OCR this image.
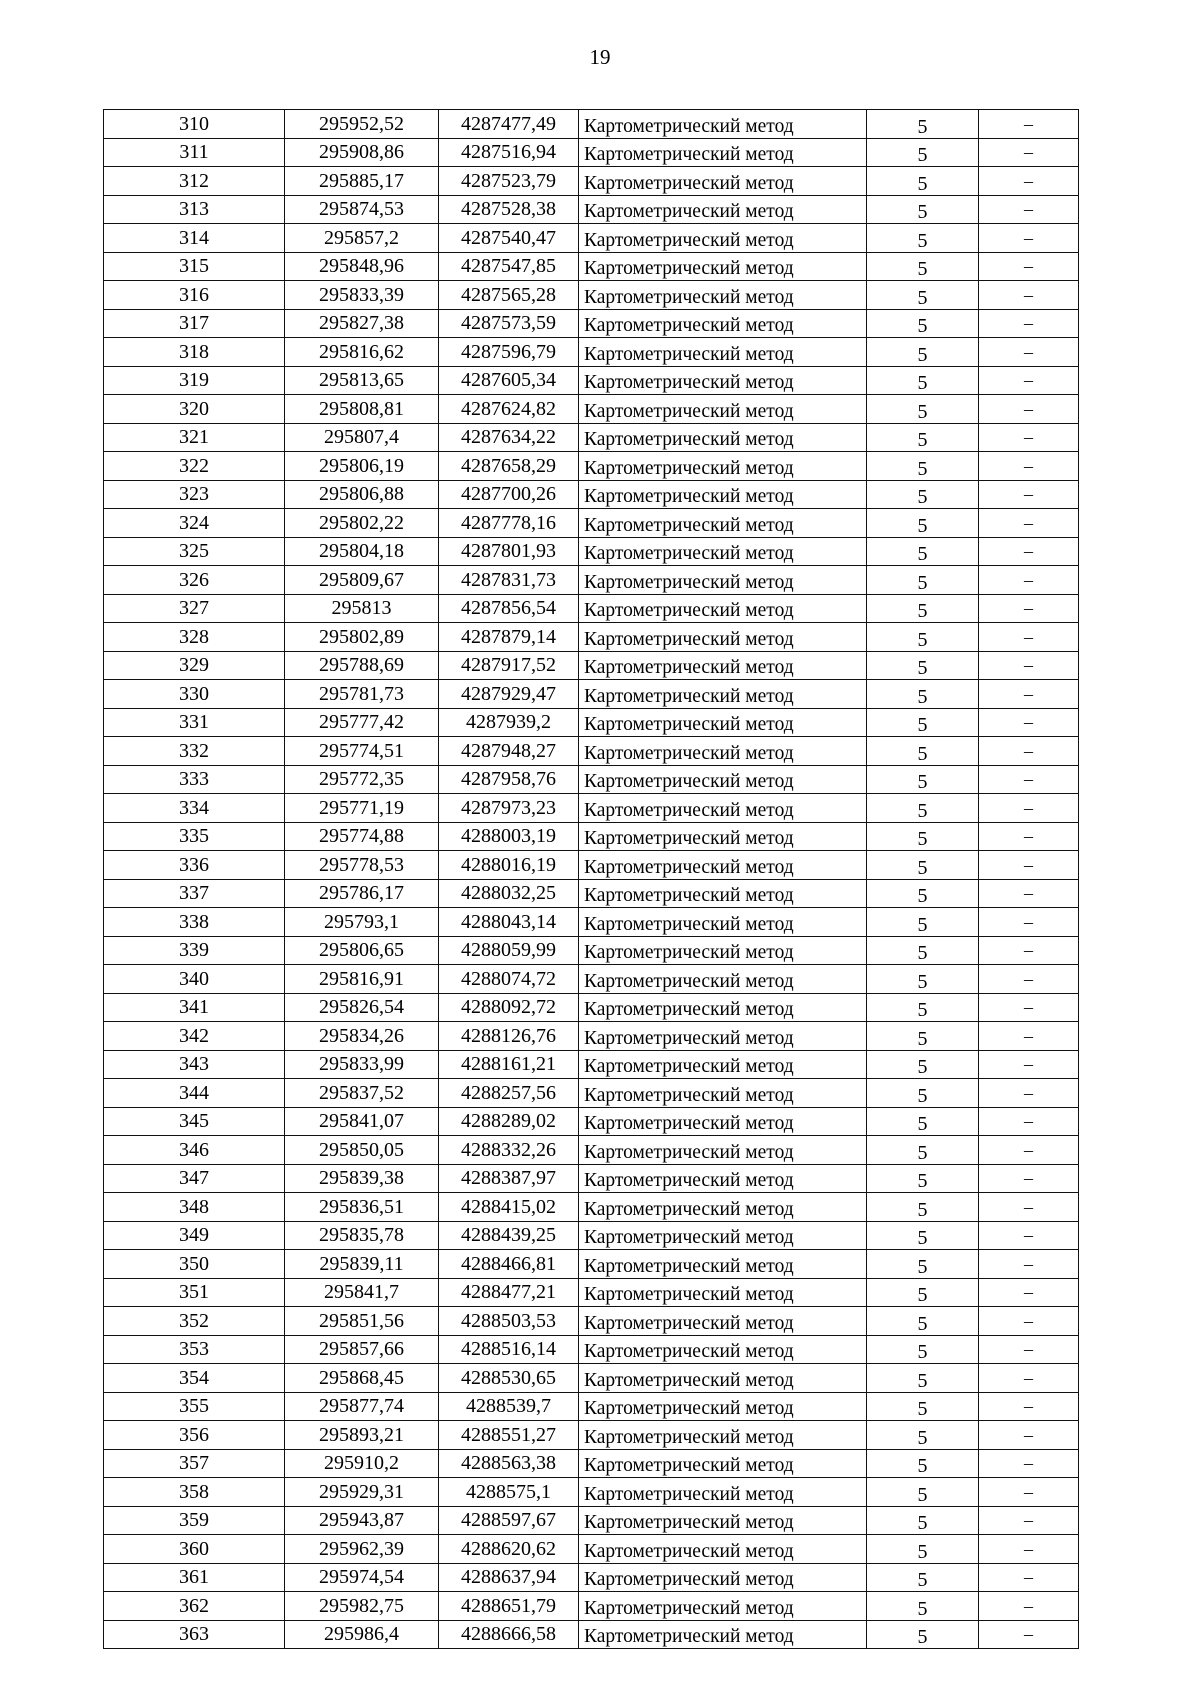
19
310	295952,52	4287477,49	Картометрический метод	5	–
311	295908,86	4287516,94	Картометрический метод	5	–
312	295885,17	4287523,79	Картометрический метод	5	–
313	295874,53	4287528,38	Картометрический метод	5	–
314	295857,2	4287540,47	Картометрический метод	5	–
315	295848,96	4287547,85	Картометрический метод	5	–
316	295833,39	4287565,28	Картометрический метод	5	–
317	295827,38	4287573,59	Картометрический метод	5	–
318	295816,62	4287596,79	Картометрический метод	5	–
319	295813,65	4287605,34	Картометрический метод	5	–
320	295808,81	4287624,82	Картометрический метод	5	–
321	295807,4	4287634,22	Картометрический метод	5	–
322	295806,19	4287658,29	Картометрический метод	5	–
323	295806,88	4287700,26	Картометрический метод	5	–
324	295802,22	4287778,16	Картометрический метод	5	–
325	295804,18	4287801,93	Картометрический метод	5	–
326	295809,67	4287831,73	Картометрический метод	5	–
327	295813	4287856,54	Картометрический метод	5	–
328	295802,89	4287879,14	Картометрический метод	5	–
329	295788,69	4287917,52	Картометрический метод	5	–
330	295781,73	4287929,47	Картометрический метод	5	–
331	295777,42	4287939,2	Картометрический метод	5	–
332	295774,51	4287948,27	Картометрический метод	5	–
333	295772,35	4287958,76	Картометрический метод	5	–
334	295771,19	4287973,23	Картометрический метод	5	–
335	295774,88	4288003,19	Картометрический метод	5	–
336	295778,53	4288016,19	Картометрический метод	5	–
337	295786,17	4288032,25	Картометрический метод	5	–
338	295793,1	4288043,14	Картометрический метод	5	–
339	295806,65	4288059,99	Картометрический метод	5	–
340	295816,91	4288074,72	Картометрический метод	5	–
341	295826,54	4288092,72	Картометрический метод	5	–
342	295834,26	4288126,76	Картометрический метод	5	–
343	295833,99	4288161,21	Картометрический метод	5	–
344	295837,52	4288257,56	Картометрический метод	5	–
345	295841,07	4288289,02	Картометрический метод	5	–
346	295850,05	4288332,26	Картометрический метод	5	–
347	295839,38	4288387,97	Картометрический метод	5	–
348	295836,51	4288415,02	Картометрический метод	5	–
349	295835,78	4288439,25	Картометрический метод	5	–
350	295839,11	4288466,81	Картометрический метод	5	–
351	295841,7	4288477,21	Картометрический метод	5	–
352	295851,56	4288503,53	Картометрический метод	5	–
353	295857,66	4288516,14	Картометрический метод	5	–
354	295868,45	4288530,65	Картометрический метод	5	–
355	295877,74	4288539,7	Картометрический метод	5	–
356	295893,21	4288551,27	Картометрический метод	5	–
357	295910,2	4288563,38	Картометрический метод	5	–
358	295929,31	4288575,1	Картометрический метод	5	–
359	295943,87	4288597,67	Картометрический метод	5	–
360	295962,39	4288620,62	Картометрический метод	5	–
361	295974,54	4288637,94	Картометрический метод	5	–
362	295982,75	4288651,79	Картометрический метод	5	–
363	295986,4	4288666,58	Картометрический метод	5	–
